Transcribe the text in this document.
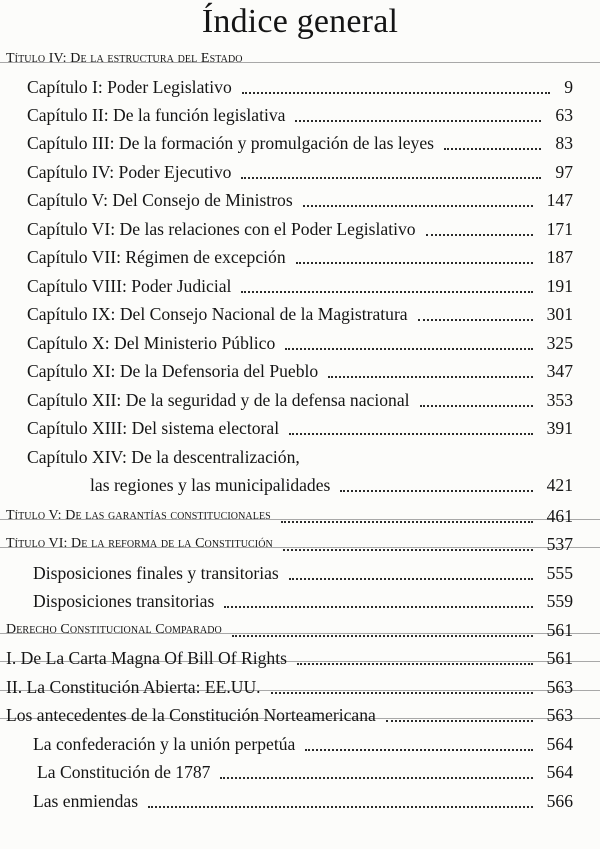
Índice general
Título IV: De la estructura del Estado
Capítulo I: Poder Legislativo	9
Capítulo II: De la función legislativa	63
Capítulo III: De la formación y promulgación de las leyes	83
Capítulo IV: Poder Ejecutivo	97
Capítulo V: Del Consejo de Ministros	147
Capítulo VI: De las relaciones con el Poder Legislativo	171
Capítulo VII: Régimen de excepción	187
Capítulo VIII: Poder Judicial	191
Capítulo IX: Del Consejo Nacional de la Magistratura	301
Capítulo X: Del Ministerio Público	325
Capítulo XI: De la Defensoria del Pueblo	347
Capítulo XII: De la seguridad y de la defensa nacional	353
Capítulo XIII: Del sistema electoral	391
Capítulo XIV: De la descentralización,
las regiones y las municipalidades	421
Título V: De las garantías constitucionales	461
Título VI: De la reforma de la Constitución	537
Disposiciones finales y transitorias	555
Disposiciones transitorias	559
Derecho Constitucional Comparado	561
I. De La Carta Magna Of Bill Of Rights	561
II. La Constitución Abierta: EE.UU.	563
Los antecedentes de la Constitución Norteamericana	563
La confederación y la unión perpetúa	564
La Constitución de 1787	564
Las enmiendas	566
